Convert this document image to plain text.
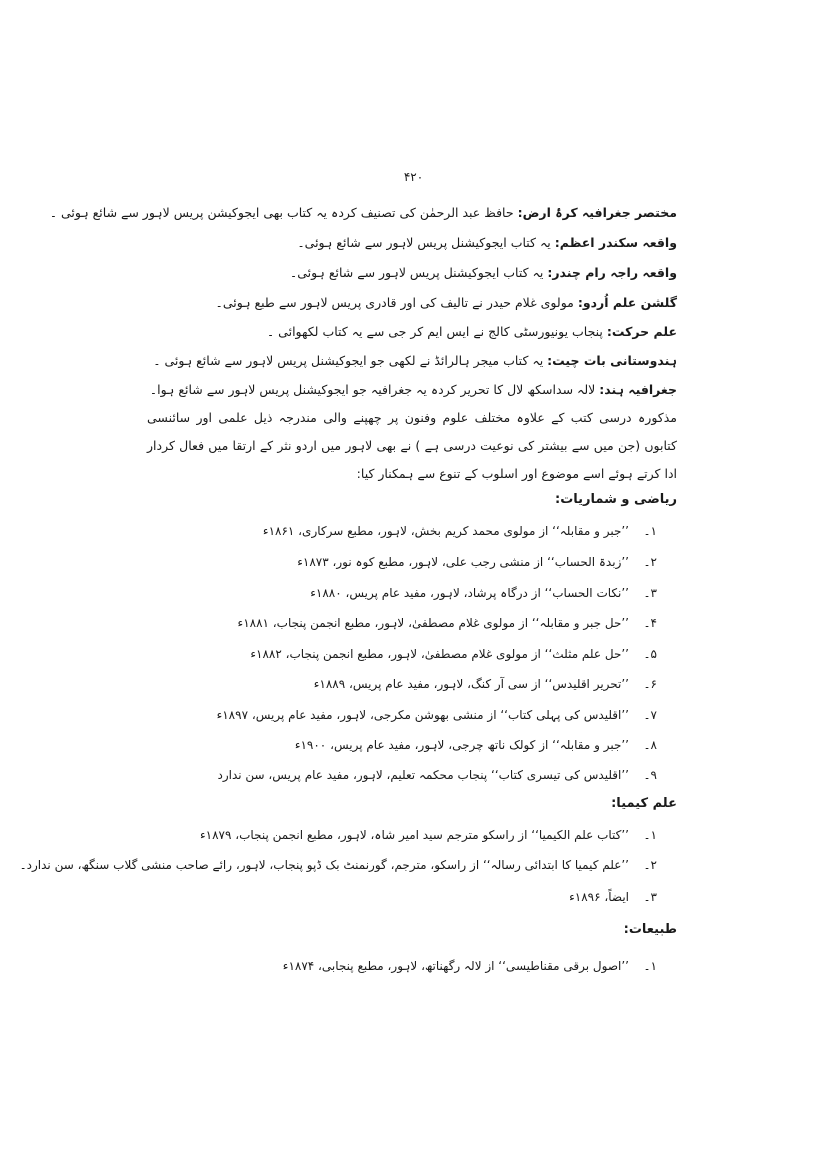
۴۲۰
مختصر جغرافیہ کرۂ ارض: حافظ عبد الرحمٰن کی تصنیف کردہ یہ کتاب بھی ایجوکیشن پریس لاہور سے شائع ہوئی ۔
واقعہ سکندر اعظم: یہ کتاب ایجوکیشنل پریس لاہور سے شائع ہوئی۔
واقعہ راجہ رام چندر: یہ کتاب ایجوکیشنل پریس لاہور سے شائع ہوئی۔
گلشن علم اُردو: مولوی غلام حیدر نے تالیف کی اور قادری پریس لاہور سے طبع ہوئی۔
علم حرکت: پنجاب یونیورسٹی کالج نے ایس ایم کر جی سے یہ کتاب لکھوائی ۔
ہندوستانی بات چیت: یہ کتاب میجر ہالرائڈ نے لکھی جو ایجوکیشنل پریس لاہور سے شائع ہوئی ۔
جغرافیہ ہند: لالہ سداسکھ لال کا تحریر کردہ یہ جغرافیہ جو ایجوکیشنل پریس لاہور سے شائع ہوا۔
مذکورہ درسی کتب کے علاوہ مختلف علوم وفنون پر چھپنے والی مندرجہ ذیل علمی اور سائنسی کتابوں (جن میں سے بیشتر کی نوعیت درسی ہے ) نے بھی لاہور میں اردو نثر کے ارتقا میں فعال کردار ادا کرتے ہوئے اسے موضوع اور اسلوب کے تنوع سے ہمکنار کیا:
ریاضی و شماریات:
۱۔’’جبر و مقابلہ‘‘ از مولوی محمد کریم بخش، لاہور، مطبع سرکاری، ۱۸۶۱ء
۲۔’’زبدۃ الحساب‘‘ از منشی رجب علی، لاہور، مطبع کوہ نور، ۱۸۷۳ء
۳۔’’نکات الحساب‘‘ از درگاہ پرشاد، لاہور، مفید عام پریس، ۱۸۸۰ء
۴۔’’حل جبر و مقابلہ‘‘ از مولوی غلام مصطفیٰ، لاہور، مطبع انجمن پنجاب، ۱۸۸۱ء
۵۔’’حل علم مثلث‘‘ از مولوی غلام مصطفیٰ، لاہور، مطبع انجمن پنجاب، ۱۸۸۲ء
۶۔’’تحریر اقلیدس‘‘ از سی آر کنگ، لاہور، مفید عام پریس، ۱۸۸۹ء
۷۔’’اقلیدس کی پہلی کتاب‘‘ از منشی بھوشن مکرجی، لاہور، مفید عام پریس، ۱۸۹۷ء
۸۔’’جبر و مقابلہ‘‘ از کولک ناتھ چرجی، لاہور، مفید عام پریس، ۱۹۰۰ء
۹۔’’اقلیدس کی تیسری کتاب‘‘ پنجاب محکمہ تعلیم، لاہور، مفید عام پریس، سن ندارد
علم کیمیا:
۱۔’’کتاب علم الکیمیا‘‘ از راسکو مترجم سید امیر شاہ، لاہور، مطبع انجمن پنجاب، ۱۸۷۹ء
۲۔’’علم کیمیا کا ابتدائی رسالہ‘‘ از راسکو، مترجم، گورنمنٹ بک ڈپو پنجاب، لاہور، رائے صاحب منشی گلاب سنگھ، سن ندارد۔
۳۔ایضاً، ۱۸۹۶ء
طبیعات:
۱۔’’اصول برقی مقناطیسی‘‘ از لالہ رگھناتھ، لاہور، مطبع پنجابی، ۱۸۷۴ء
